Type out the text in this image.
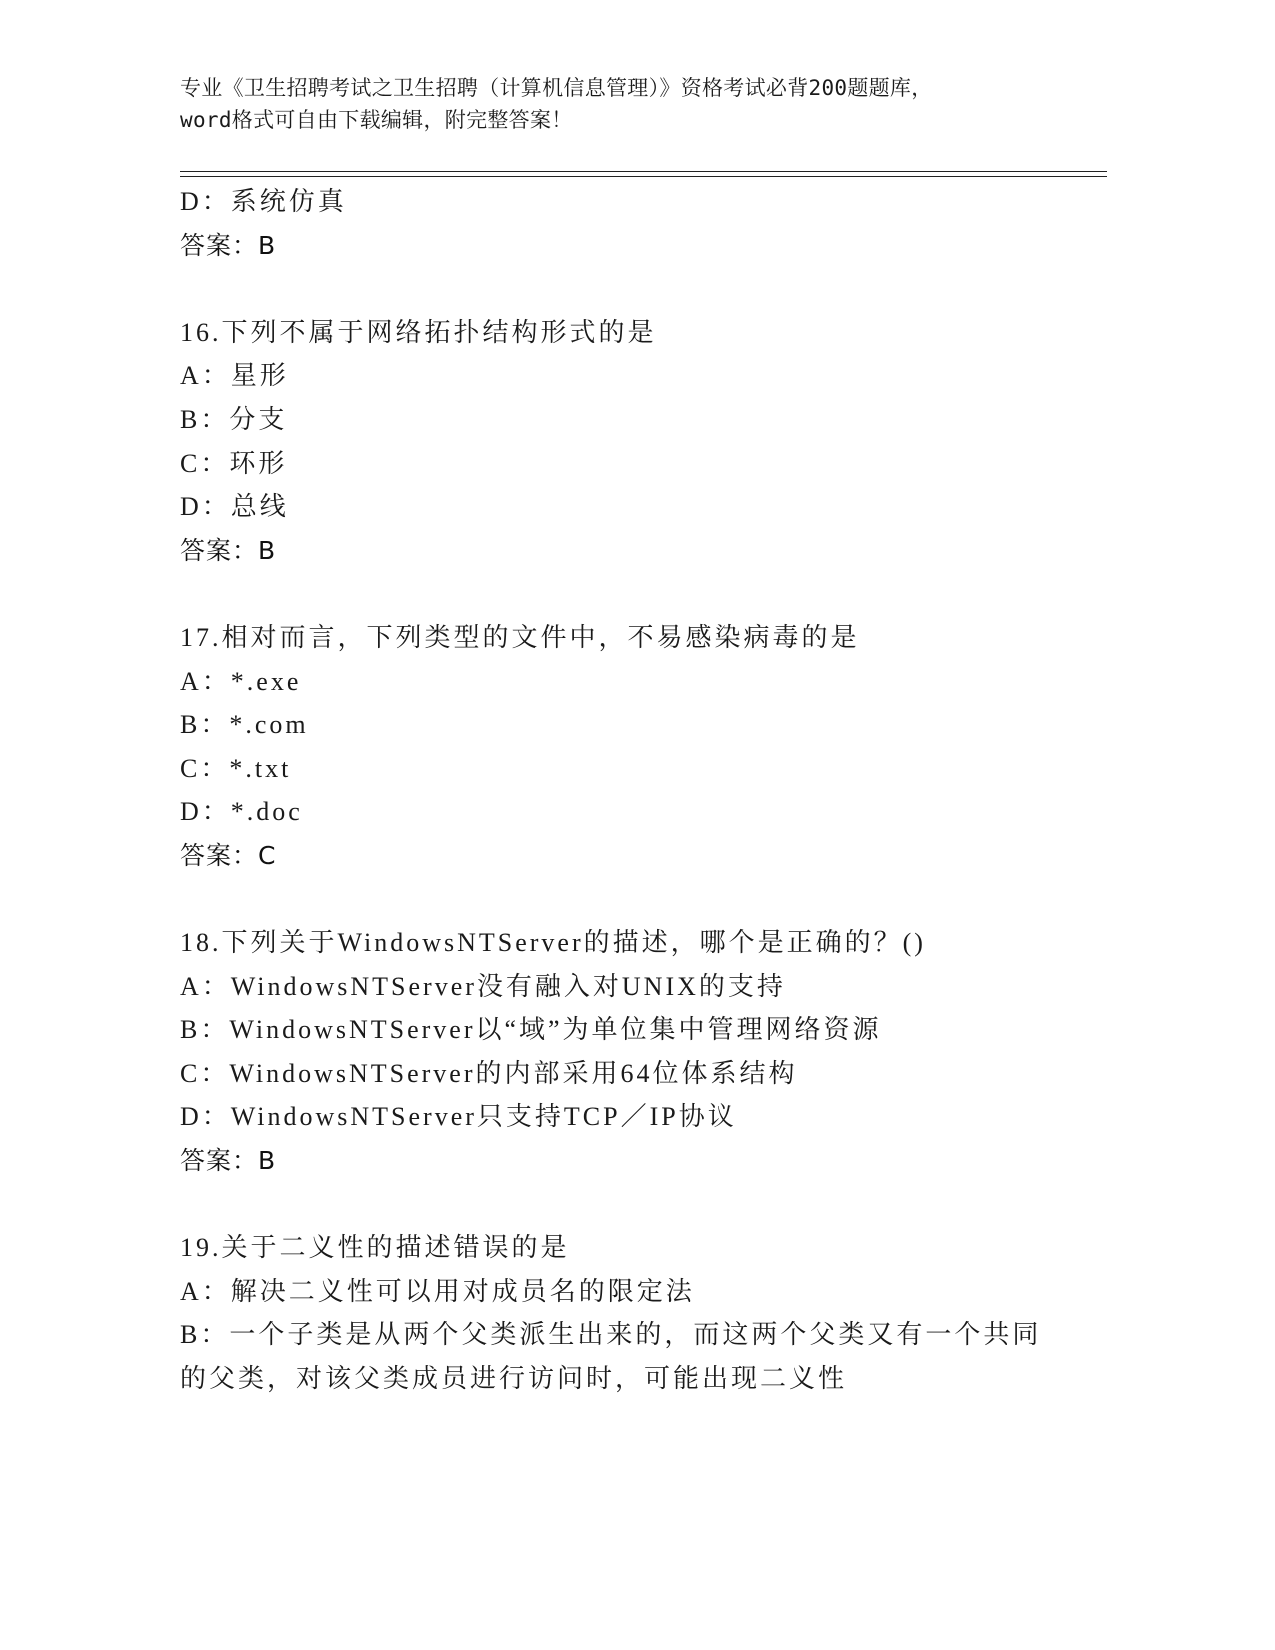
专业《卫生招聘考试之卫生招聘（计算机信息管理）》资格考试必背200题题库，
word格式可自由下载编辑，附完整答案！
D：系统仿真
答案：B
16.下列不属于网络拓扑结构形式的是
A：星形
B：分支
C：环形
D：总线
答案：B
17.相对而言，下列类型的文件中，不易感染病毒的是
A：*.exe
B：*.com
C：*.txt
D：*.doc
答案：C
18.下列关于WindowsNTServer的描述，哪个是正确的？()
A：WindowsNTServer没有融入对UNIX的支持
B：WindowsNTServer以“域”为单位集中管理网络资源
C：WindowsNTServer的内部采用64位体系结构
D：WindowsNTServer只支持TCP／IP协议
答案：B
19.关于二义性的描述错误的是
A：解决二义性可以用对成员名的限定法
B：一个子类是从两个父类派生出来的，而这两个父类又有一个共同的父类，对该父类成员进行访问时，可能出现二义性
